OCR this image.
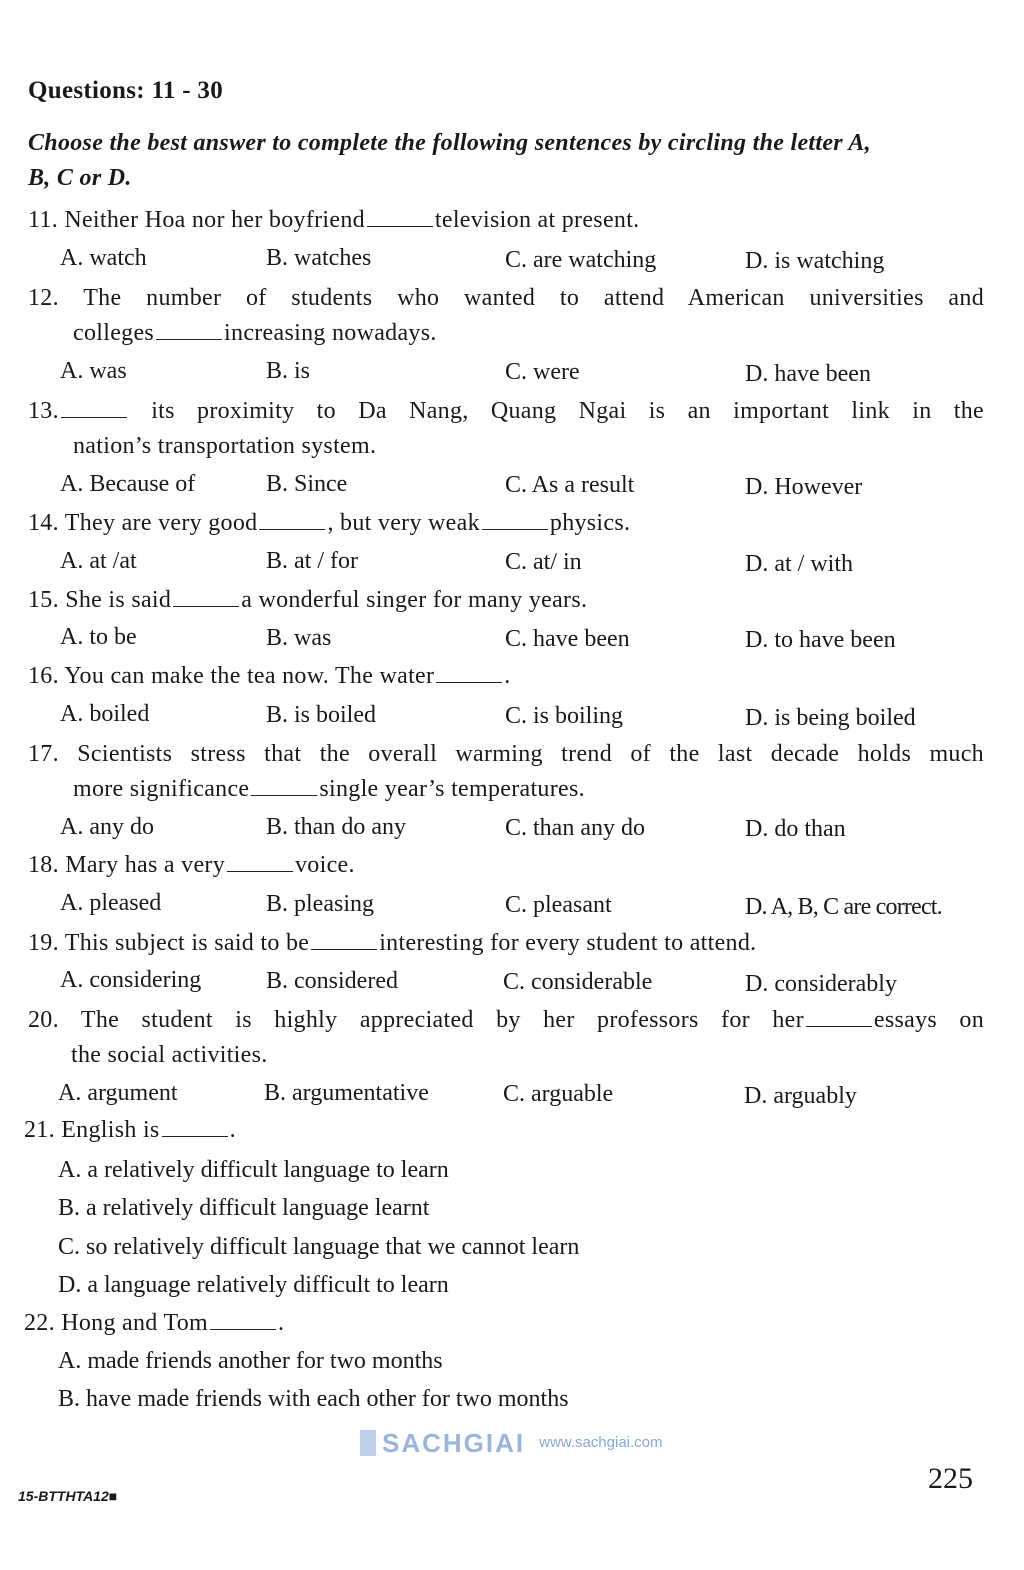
Questions: 11 - 30
Choose the best answer to complete the following sentences by circling the letter A,
B, C or D.
11. Neither Hoa nor her boyfriend	television at present.
A. watch	B. watches	C. are watching	D. is watching
12. The number of students who wanted to attend American universities and
colleges	increasing nowadays.
A. was	B. is	C. were	D. have been
13.	its proximity to Da Nang, Quang Ngai is an important link in the
nation’s transportation system.
A. Because of	B. Since	C. As a result	D. However
14. They are very good	, but very weak	physics.
A. at /at	B. at / for	C. at/ in	D. at / with
15. She is said	a wonderful singer for many years.
A. to be	B. was	C. have been	D. to have been
16. You can make the tea now. The water	.
A. boiled	B. is boiled	C. is boiling	D. is being boiled
17. Scientists stress that the overall warming trend of the last decade holds much
more significance	single year’s temperatures.
A. any do	B. than do any	C. than any do	D. do than
18. Mary has a very	voice.
A. pleased	B. pleasing	C. pleasant	D. A, B, C are correct.
19. This subject is said to be	interesting for every student to attend.
A. considering	B. considered	C. considerable	D. considerably
20. The student is highly appreciated by her professors for her	essays on
the social activities.
A. argument	B. argumentative	C. arguable	D. arguably
21. English is	.
A. a relatively difficult language to learn
B. a relatively difficult language learnt
C. so relatively difficult language that we cannot learn
D. a language relatively difficult to learn
22. Hong and Tom	.
A. made friends another for two months
B. have made friends with each other for two months
SACHGIAI www.sachgiai.com
15-BTTHTA12■
225
